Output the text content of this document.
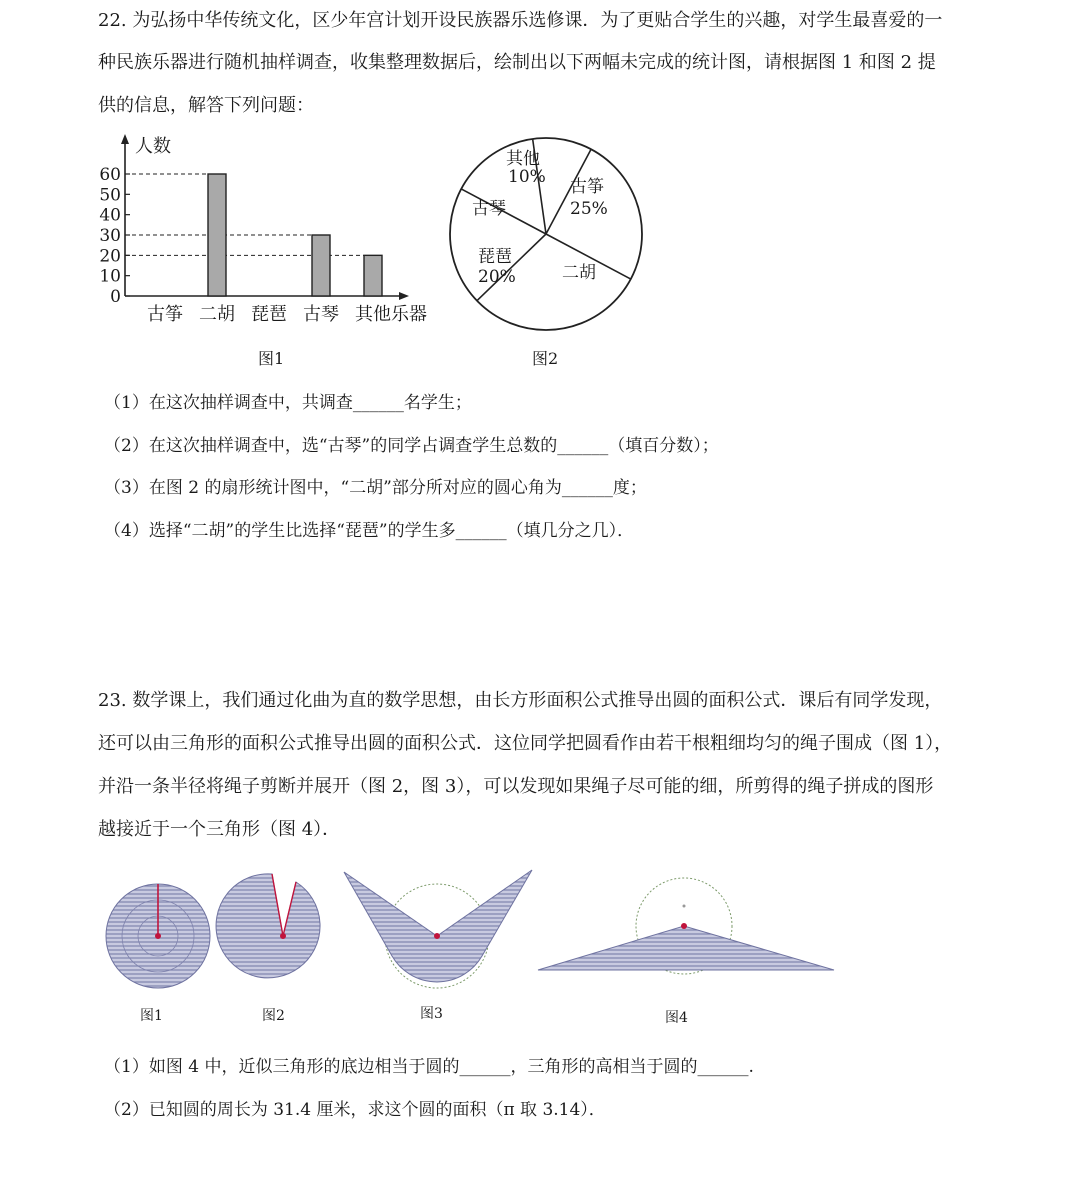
22. 为弘扬中华传统文化，区少年宫计划开设民族器乐选修课．为了更贴合学生的兴趣，对学生最喜爱的一
种民族乐器进行随机抽样调查，收集整理数据后，绘制出以下两幅未完成的统计图，请根据图 1 和图 2 提
供的信息，解答下列问题：
人数
乐器
0
10
20
30
40
50
60
古筝 二胡 琵琶 古琴 其他
图1
其他
10% 古筝
25%
二胡
琵琶
20%
古琴
图2
（1）在这次抽样调查中，共调查______名学生；
（2）在这次抽样调查中，选“古琴”的同学占调查学生总数的______（填百分数）；
（3）在图 2 的扇形统计图中，“二胡”部分所对应的圆心角为______度；
（4）选择“二胡”的学生比选择“琵琶”的学生多______（填几分之几）．
23. 数学课上，我们通过化曲为直的数学思想，由长方形面积公式推导出圆的面积公式．课后有同学发现，
还可以由三角形的面积公式推导出圆的面积公式．这位同学把圆看作由若干根粗细均匀的绳子围成（图 1），
并沿一条半径将绳子剪断并展开（图 2，图 3），可以发现如果绳子尽可能的细，所剪得的绳子拼成的图形
越接近于一个三角形（图 4）．
图1	图2	图3	图4
（1）如图 4 中，近似三角形的底边相当于圆的______，三角形的高相当于圆的______.
（2）已知圆的周长为 31.4 厘米，求这个圆的面积（π 取 3.14）．
